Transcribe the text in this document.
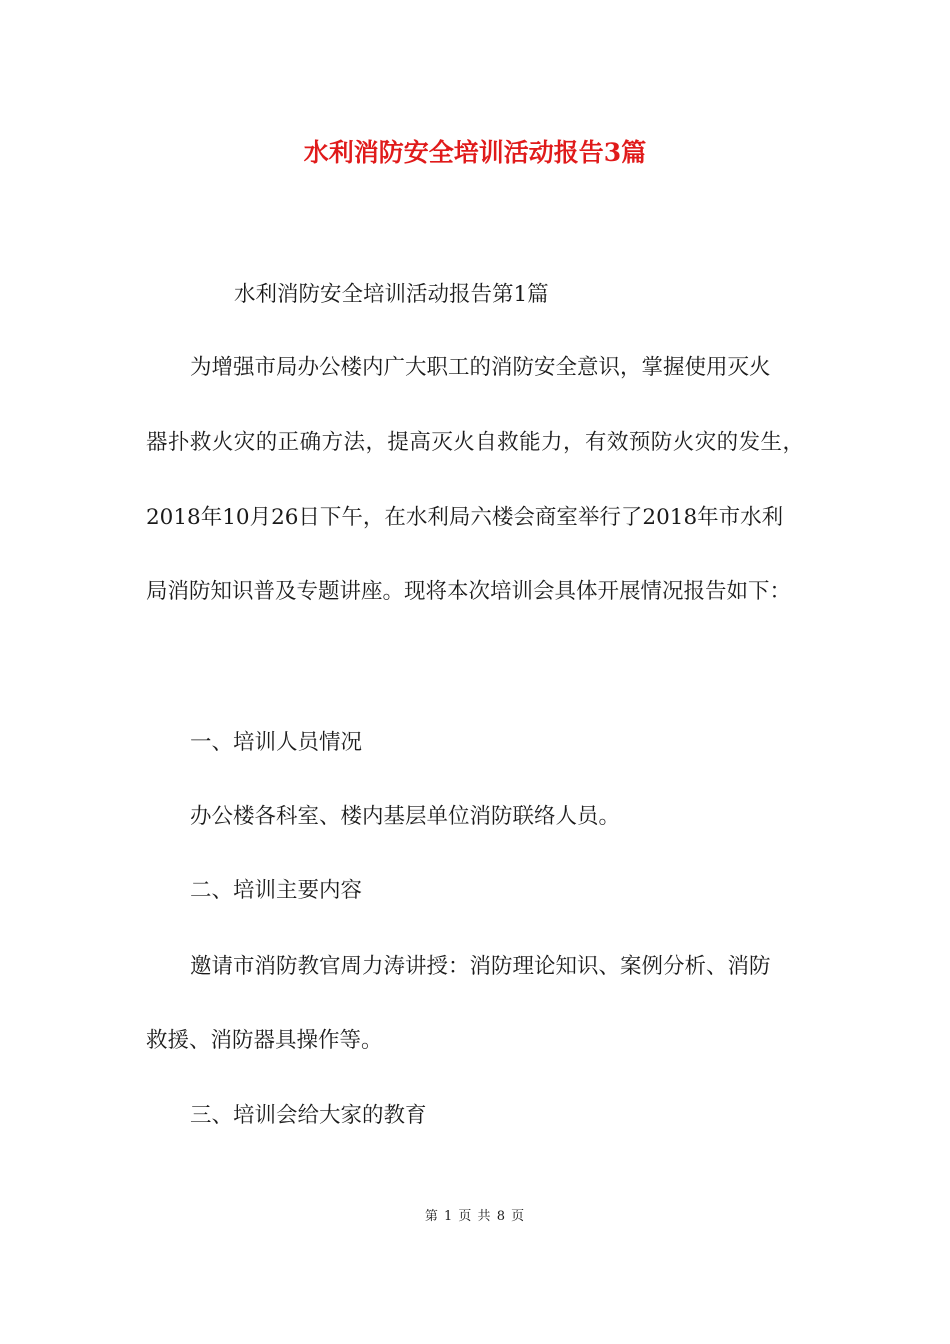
水利消防安全培训活动报告3篇
水利消防安全培训活动报告第1篇
为增强市局办公楼内广大职工的消防安全意识，掌握使用灭火
器扑救火灾的正确方法，提高灭火自救能力，有效预防火灾的发生，
2018年10月26日下午，在水利局六楼会商室举行了2018年市水利
局消防知识普及专题讲座。现将本次培训会具体开展情况报告如下：
一、培训人员情况
办公楼各科室、楼内基层单位消防联络人员。
二、培训主要内容
邀请市消防教官周力涛讲授：消防理论知识、案例分析、消防
救援、消防器具操作等。
三、培训会给大家的教育
第 1 页 共 8 页
